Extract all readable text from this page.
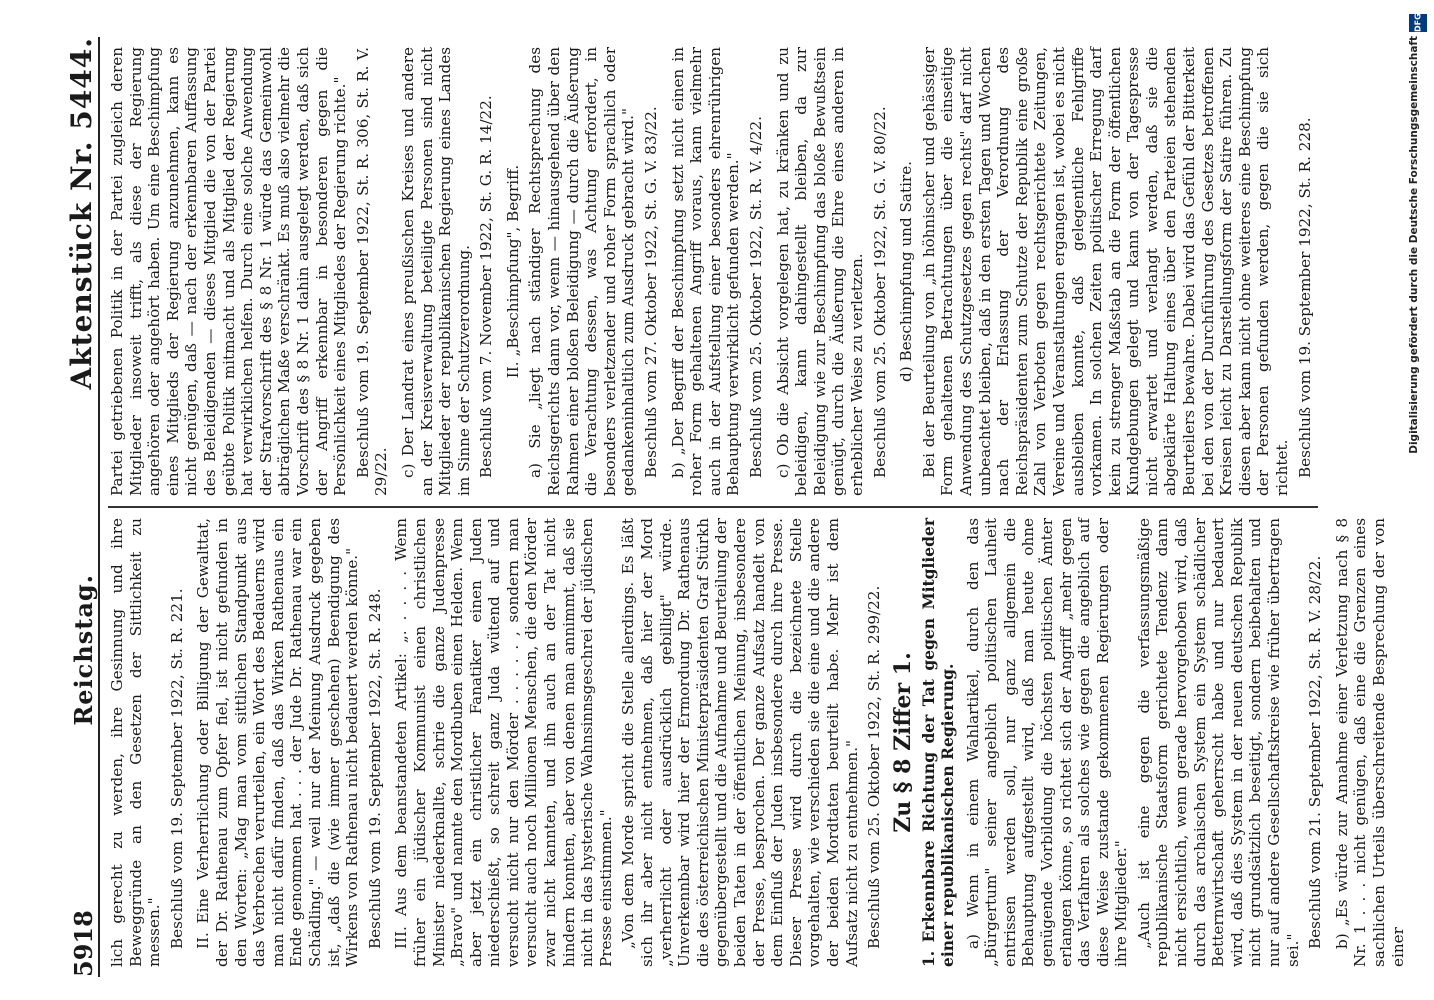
5918
Reichstag.
Aktenstück Nr. 5444.

lich gerecht zu werden, ihre Gesinnung und ihre Beweggründe an den Gesetzen der Sittlichkeit zu messen." Beschluß vom 19. September 1922, St. R. 221. II. Eine Verherrlichung oder Billigung der Gewalttat, der Dr. Rathenau zum Opfer fiel, ist nicht gefunden in den Worten: „Mag man vom sittlichen Standpunkt aus das Verbrechen verurteilen, ein Wort des Bedauerns wird man nicht dafür finden, daß das Wirken Rathenaus ein Ende genommen hat . . . der Jude Dr. Rathenau war ein Schädling." — weil nur der Meinung Ausdruck gegeben ist, „daß die (wie immer geschehen) Beendigung des Wirkens von Rathenau nicht bedauert werden könne." Beschluß vom 19. September 1922, St. R. 248. III. Aus dem beanstandeten Artikel: „. . . . . Wenn früher ein jüdischer Kommunist einen christlichen Minister niederknallte, schrie die ganze Judenpresse „Bravo" und nannte den Mordbuben einen Helden. Wenn aber jetzt ein christlicher Fanatiker einen Juden niederschießt, so schreit ganz Juda wütend auf und versucht nicht nur den Mörder . . . . . , sondern man versucht auch noch Millionen Menschen, die den Mörder zwar nicht kannten, und ihn auch an der Tat nicht hindern konnten, aber von denen man annimmt, daß sie nicht in das hysterische Wahnsinnsgeschrei der jüdischen Presse einstimmen." „Von dem Morde spricht die Stelle allerdings. Es läßt sich ihr aber nicht entnehmen, daß hier der Mord „verherrlicht oder ausdrücklich gebilligt" würde. Unverkennbar wird hier der Ermordung Dr. Rathenaus die des österreichischen Ministerpräsidenten Graf Stürkh gegenübergestellt und die Aufnahme und Beurteilung der beiden Taten in der öffentlichen Meinung, insbesondere der Presse, besprochen. Der ganze Aufsatz handelt von dem Einfluß der Juden insbesondere durch ihre Presse. Dieser Presse wird durch die bezeichnete Stelle vorgehalten, wie verschieden sie die eine und die andere der beiden Mordtaten beurteilt habe. Mehr ist dem Aufsatz nicht zu entnehmen." Beschluß vom 25. Oktober 1922, St. R. 299/22. Zu § 8 Ziffer 1. 1. Erkennbare Richtung der Tat gegen Mitglieder einer republikanischen Regierung. a) Wenn in einem Wahlartikel, durch den das „Bürgertum" seiner angeblich politischen Lauheit entrissen werden soll, nur ganz allgemein die Behauptung aufgestellt wird, daß man heute ohne genügende Vorbildung die höchsten politischen Ämter erlangen könne, so richtet sich der Angriff „mehr gegen das Verfahren als solches wie gegen die angeblich auf diese Weise zustande gekommenen Regierungen oder ihre Mitglieder." „Auch ist eine gegen die verfassungsmäßige republikanische Staatsform gerichtete Tendenz dann nicht ersichtlich, wenn gerade hervorgehoben wird, daß durch das archaischen System ein System schädlicher Betternwirtschaft geherrscht habe und nur bedauert wird, daß dies System in der neuen deutschen Republik nicht grundsätzlich beseitigt, sondern beibehalten und nur auf andere Gesellschaftskreise wie früher übertragen sei."

Beschluß vom 21. September 1922, St. R. V. 28/22. b) „Es würde zur Annahme einer Verletzung nach § 8 Nr. 1 . . . nicht genügen, daß eine die Grenzen eines sachlichen Urteils überschreitende Besprechung der von einer

Partei getriebenen Politik in der Partei zugleich deren Mitglieder insoweit trifft, als diese der Regierung angehören oder angehört haben. Um eine Beschimpfung eines Mitglieds der Regierung anzunehmen, kann es nicht genügen, daß — nach der erkennbaren Auffassung des Beleidigenden — dieses Mitglied die von der Partei geübte Politik mitmacht und als Mitglied der Regierung hat verwirklichen helfen. Durch eine solche Anwendung der Strafvorschrift des § 8 Nr. 1 würde das Gemeinwohl abträglichen Maße verschränkt. Es muß also vielmehr die Vorschrift des § 8 Nr. 1 dahin ausgelegt werden, daß sich der Angriff erkennbar in besonderen gegen die Persönlichkeit eines Mitgliedes der Regierung richte." Beschluß vom 19. September 1922, St. R. 306, St. R. V. 29/22. c) Der Landrat eines preußischen Kreises und andere an der Kreisverwaltung beteiligte Personen sind nicht Mitglieder der republikanischen Regierung eines Landes im Sinne der Schutzverordnung. Beschluß vom 7. November 1922, St. G. R. 14/22. II. „Beschimpfung", Begriff. a) Sie „liegt nach ständiger Rechtsprechung des Reichsgerichts dann vor, wenn — hinausgehend über den Rahmen einer bloßen Beleidigung — durch die Äußerung die Verachtung dessen, was Achtung erfordert, in besonders verletzender und roher Form sprachlich oder gedankeninhaltlich zum Ausdruck gebracht wird." Beschluß vom 27. Oktober 1922, St. G. V. 83/22. b) „Der Begriff der Beschimpfung setzt nicht einen in roher Form gehaltenen Angriff voraus, kann vielmehr auch in der Aufstellung einer besonders ehrenrührigen Behauptung verwirklicht gefunden werden." Beschluß vom 25. Oktober 1922, St. R. V. 4/22. c) Ob die Absicht vorgelegen hat, zu kränken und zu beleidigen, kann dahingestellt bleiben, da zur Beleidigung wie zur Beschimpfung das bloße Bewußtsein genügt, durch die Äußerung die Ehre eines anderen in erheblicher Weise zu verletzen. Beschluß vom 25. Oktober 1922, St. G. V. 80/22. d) Beschimpfung und Satire. Bei der Beurteilung von „in höhnischer und gehässiger Form gehaltenen Betrachtungen über die einseitige Anwendung des Schutzgesetzes gegen rechts" darf nicht unbeachtet bleiben, daß in den ersten Tagen und Wochen nach der Erlassung der Verordnung des Reichspräsidenten zum Schutze der Republik eine große Zahl von Verboten gegen rechtsgerichtete Zeitungen, Vereine und Veranstaltungen ergangen ist, wobei es nicht ausbleiben konnte, daß gelegentliche Fehlgriffe vorkamen. In solchen Zeiten politischer Erregung darf kein zu strenger Maßstab an die Form der öffentlichen Kundgebungen gelegt und kann von der Tagespresse nicht erwartet und verlangt werden, daß sie die abgeklärte Haltung eines über den Parteien stehenden Beurteilers bewahre. Dabei wird das Gefühl der Bitterkeit bei den von der Durchführung des Gesetzes betroffenen Kreisen leicht zu Darstellungsform der Satire führen. Zu diesen aber kann nicht ohne weiteres eine Beschimpfung der Personen gefunden werden, gegen die sie sich richtet. Beschluß vom 19. September 1922, St. R. 228.

DFG
Digitalisierung gefördert durch die Deutsche Forschungsgemeinschaft
